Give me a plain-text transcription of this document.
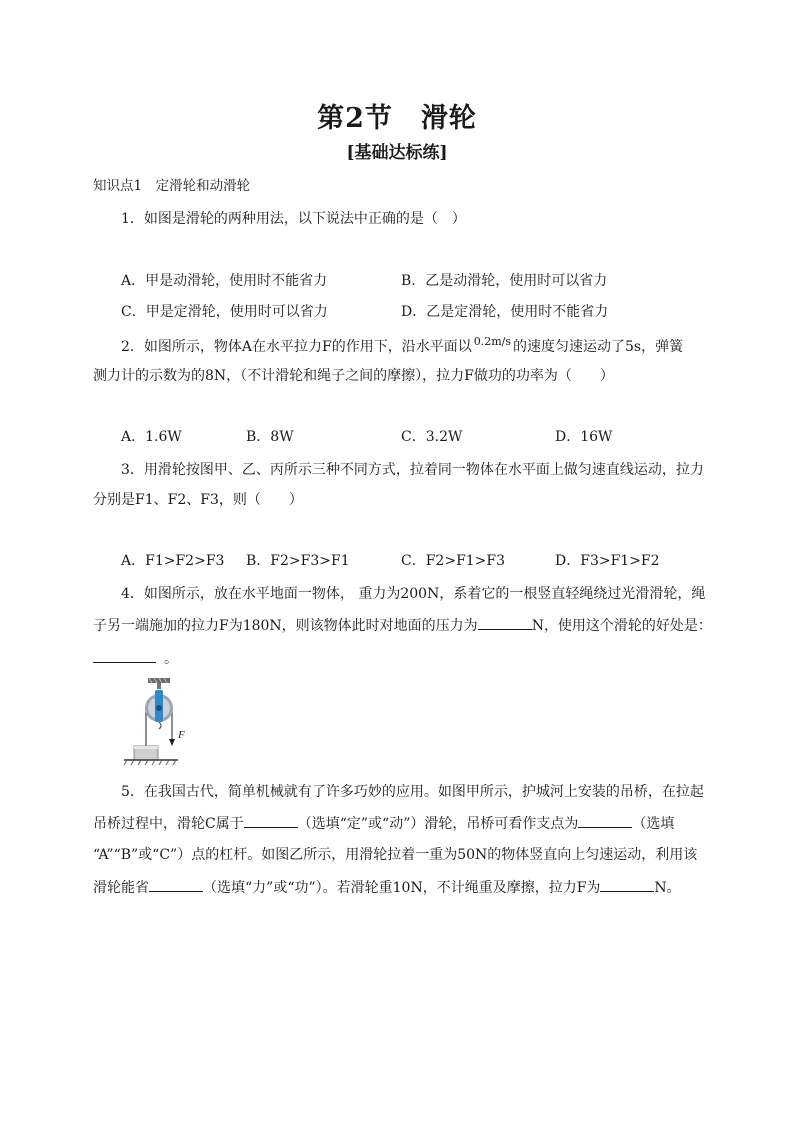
第2节　滑轮
[基础达标练]
知识点1　定滑轮和动滑轮
1．如图是滑轮的两种用法，以下说法中正确的是（　）
A．甲是动滑轮，使用时不能省力	B．乙是动滑轮，使用时可以省力
C．甲是定滑轮，使用时可以省力	D．乙是定滑轮，使用时不能省力
2．如图所示，物体A在水平拉力F的作用下，沿水平面以 $^{0.2m/s}$ 的速度匀速运动了5s，弹簧
测力计的示数为的8N，（不计滑轮和绳子之间的摩擦），拉力F做功的功率为（　　）
A．1.6W	B．8W	C．3.2W	D．16W
3．用滑轮按图甲、乙、丙所示三种不同方式，拉着同一物体在水平面上做匀速直线运动，拉力
分别是F1、F2、F3，则（　　）
A．F1>F2>F3 B．F2>F3>F1	C．F2>F1>F3	D．F3>F1>F2
4．如图所示，放在水平地面一物体， 重力为200N，系着它的一根竖直轻绳绕过光滑滑轮，绳
子另一端施加的拉力F为180N，则该物体此时对地面的压力为	N，使用这个滑轮的好处是：
。
F
5．在我国古代，简单机械就有了许多巧妙的应用。如图甲所示，护城河上安装的吊桥，在拉起
吊桥过程中，滑轮C属于	（选填“定”或“动”）滑轮，吊桥可看作支点为	（选填
“A”“B”或“C”）点的杠杆。如图乙所示，用滑轮拉着一重为50N的物体竖直向上匀速运动，利用该
滑轮能省	（选填“力”或“功”）。若滑轮重10N，不计绳重及摩擦，拉力F为	N。
